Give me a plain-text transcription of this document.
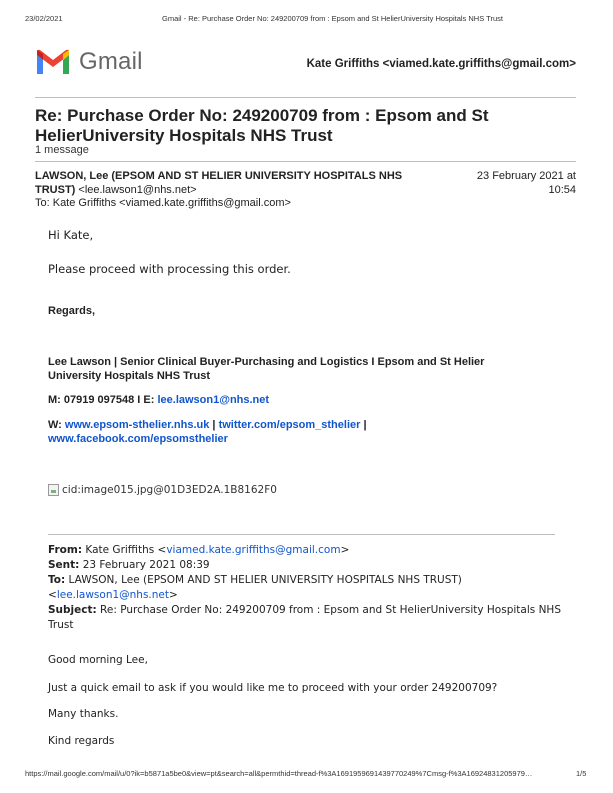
23/02/2021	Gmail - Re: Purchase Order No: 249200709 from : Epsom and St HelierUniversity Hospitals NHS Trust
Gmail	Kate Griffiths <viamed.kate.griffiths@gmail.com>
Re: Purchase Order No: 249200709 from : Epsom and St
HelierUniversity Hospitals NHS Trust
1 message
LAWSON, Lee (EPSOM AND ST HELIER UNIVERSITY HOSPITALS NHS
TRUST) <lee.lawson1@nhs.net>
To: Kate Griffiths <viamed.kate.griffiths@gmail.com>
23 February 2021 at
10:54
Hi Kate,
Please proceed with processing this order.
Regards,
Lee Lawson | Senior Clinical Buyer-Purchasing and Logistics I Epsom and St Helier
University Hospitals NHS Trust
M: 07919 097548 I E: lee.lawson1@nhs.net
W: www.epsom-sthelier.nhs.uk | twitter.com/epsom_sthelier |
www.facebook.com/epsomsthelier
cid:image015.jpg@01D3ED2A.1B8162F0
From: Kate Griffiths <viamed.kate.griffiths@gmail.com>
Sent: 23 February 2021 08:39
To: LAWSON, Lee (EPSOM AND ST HELIER UNIVERSITY HOSPITALS NHS TRUST)
<lee.lawson1@nhs.net>
Subject: Re: Purchase Order No: 249200709 from : Epsom and St HelierUniversity Hospitals NHS
Trust
Good morning Lee,
Just a quick email to ask if you would like me to proceed with your order 249200709?
Many thanks.
Kind regards
https://mail.google.com/mail/u/0?ik=b5871a5be0&view=pt&search=all&permthid=thread-f%3A1691959691439770249%7Cmsg-f%3A16924831205979…	1/5
